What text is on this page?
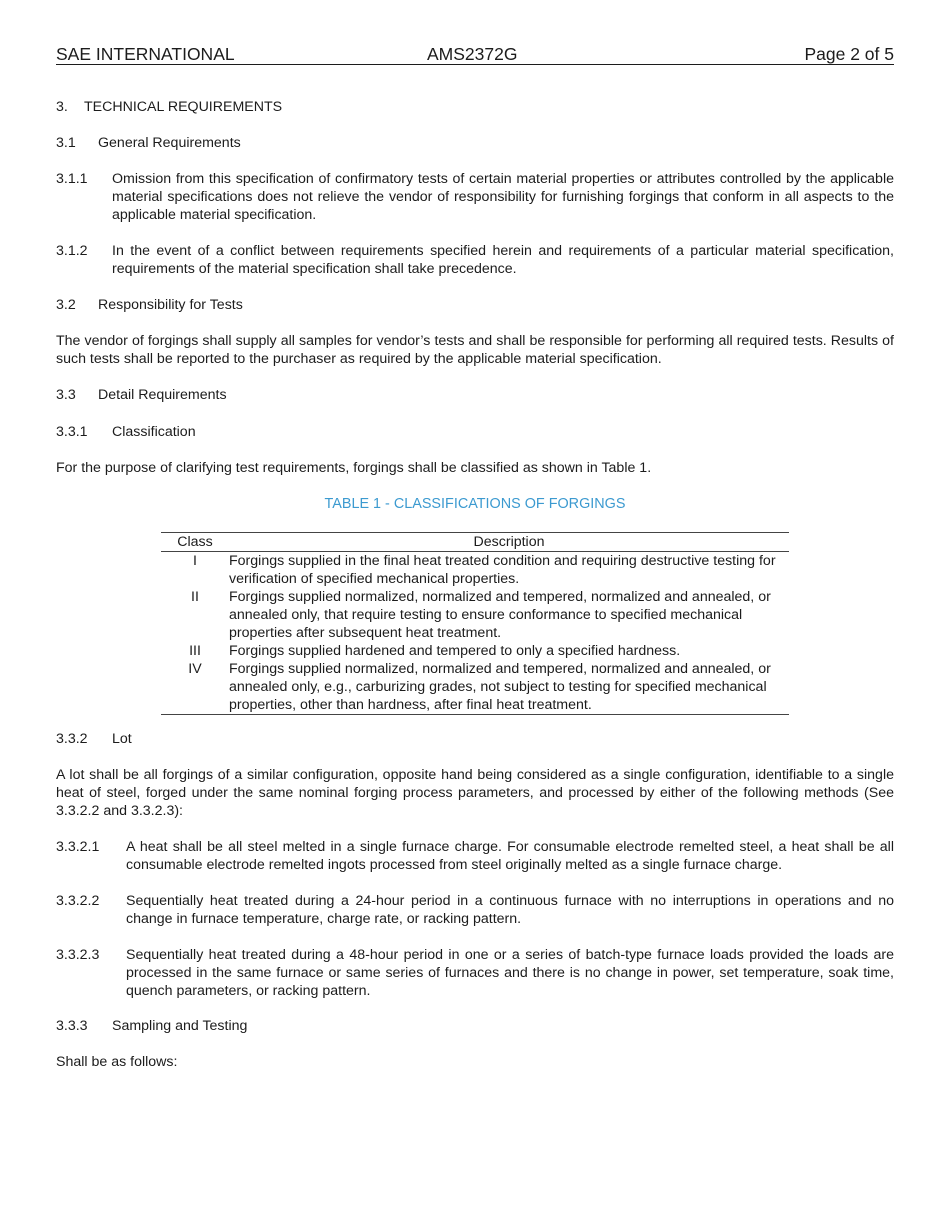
SAE INTERNATIONAL	AMS2372G	Page 2 of 5
3. TECHNICAL REQUIREMENTS
3.1 General Requirements
3.1.1 Omission from this specification of confirmatory tests of certain material properties or attributes controlled by the applicable material specifications does not relieve the vendor of responsibility for furnishing forgings that conform in all aspects to the applicable material specification.

3.1.2 In the event of a conflict between requirements specified herein and requirements of a particular material specification, requirements of the material specification shall take precedence.

3.2 Responsibility for Tests

The vendor of forgings shall supply all samples for vendor’s tests and shall be responsible for performing all required tests. Results of such tests shall be reported to the purchaser as required by the applicable material specification.

3.3 Detail Requirements
3.3.1 Classification

For the purpose of clarifying test requirements, forgings shall be classified as shown in Table 1.

TABLE 1 - CLASSIFICATIONS OF FORGINGS
Class	Description
I	Forgings supplied in the final heat treated condition and requiring destructive testing for verification of specified mechanical properties.
II	Forgings supplied normalized, normalized and tempered, normalized and annealed, or annealed only, that require testing to ensure conformance to specified mechanical properties after subsequent heat treatment.
III	Forgings supplied hardened and tempered to only a specified hardness.
IV	Forgings supplied normalized, normalized and tempered, normalized and annealed, or annealed only, e.g., carburizing grades, not subject to testing for specified mechanical properties, other than hardness, after final heat treatment.
3.3.2 Lot

A lot shall be all forgings of a similar configuration, opposite hand being considered as a single configuration, identifiable to a single heat of steel, forged under the same nominal forging process parameters, and processed by either of the following methods (See 3.3.2.2 and 3.3.2.3):

3.3.2.1 A heat shall be all steel melted in a single furnace charge. For consumable electrode remelted steel, a heat shall be all consumable electrode remelted ingots processed from steel originally melted as a single furnace charge.

3.3.2.2 Sequentially heat treated during a 24-hour period in a continuous furnace with no interruptions in operations and no change in furnace temperature, charge rate, or racking pattern.

3.3.2.3 Sequentially heat treated during a 48-hour period in one or a series of batch-type furnace loads provided the loads are processed in the same furnace or same series of furnaces and there is no change in power, set temperature, soak time, quench parameters, or racking pattern.

3.3.3 Sampling and Testing

Shall be as follows:
